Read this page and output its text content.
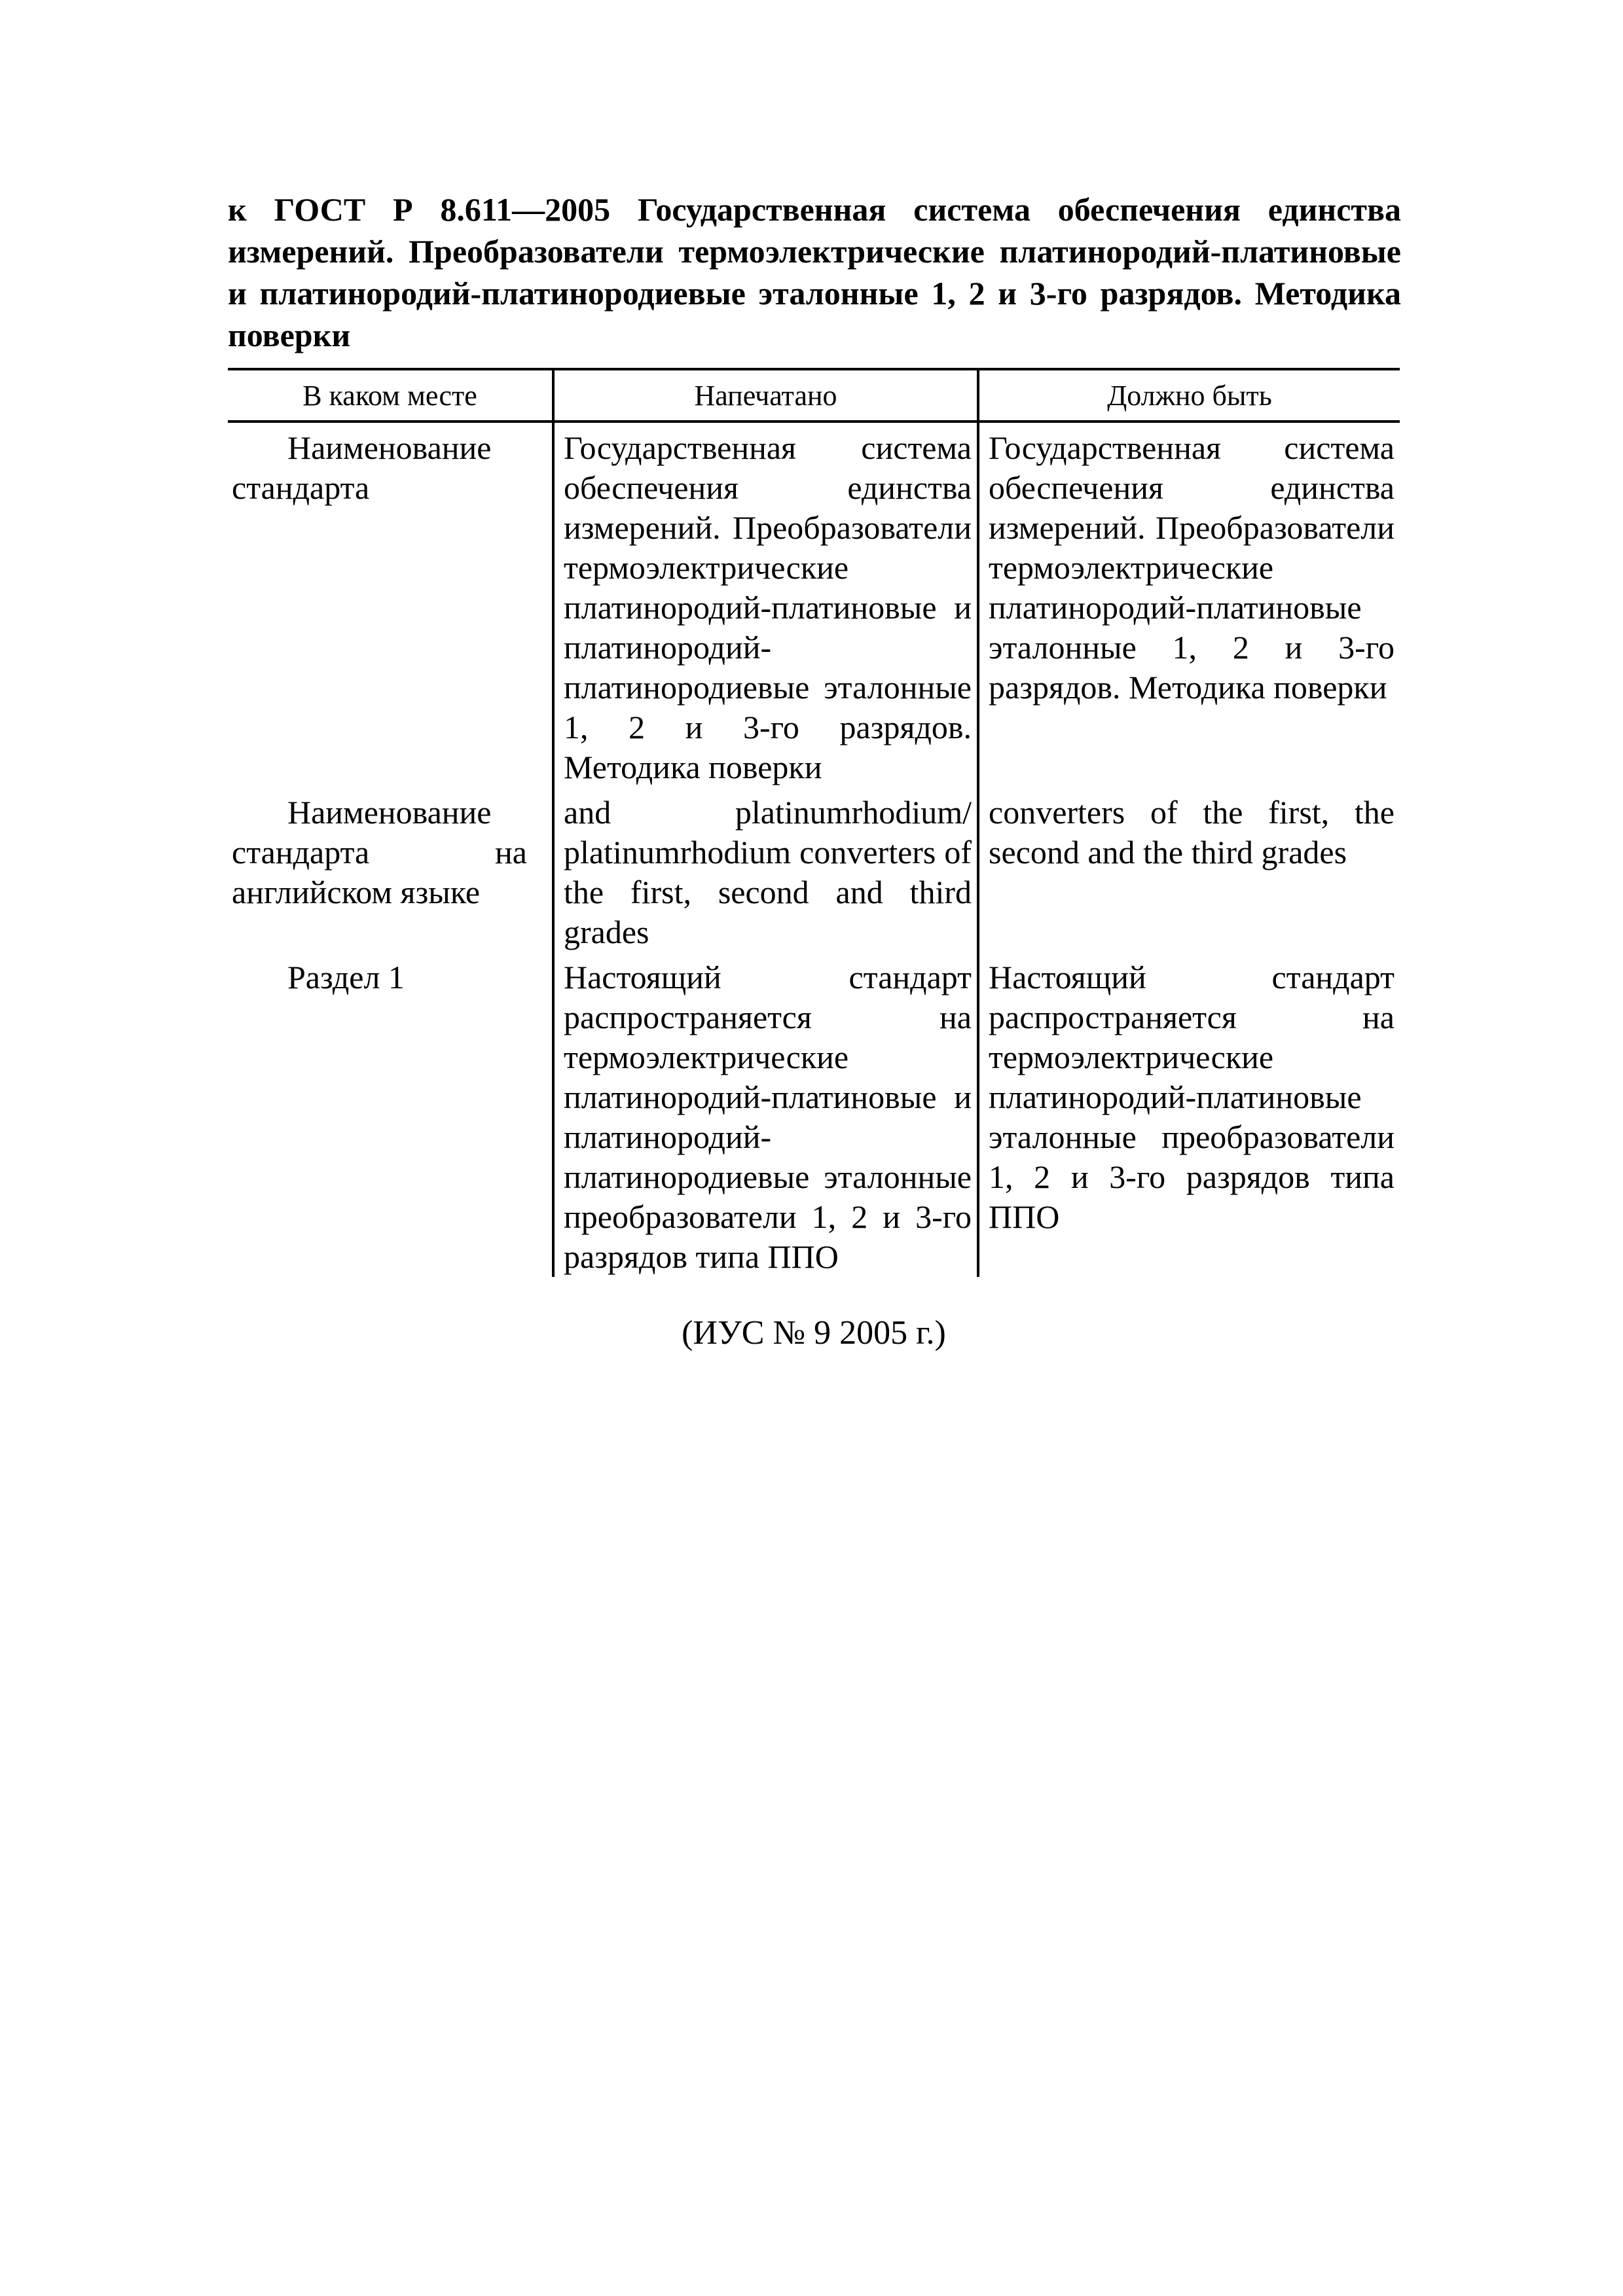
к ГОСТ Р 8.611—2005 Государственная система обеспечения единства измерений. Преобразователи термоэлектрические платинородий-платиновые и платинородий-платинородиевые эталонные 1, 2 и 3-го разрядов. Методика поверки
В каком месте	Напечатано	Должно быть

Наименование стандарта	Государственная система обеспечения единства измерений. Преобразователи термоэлектрические платинородий-платиновые и платинородий-платинородиевые эталонные 1, 2 и 3-го разрядов. Методика поверки	Государственная система обеспечения единства измерений. Преобразователи термоэлектрические платинородий-платиновые эталонные 1, 2 и 3-го разрядов. Методика поверки

Наименование стандарта на английском языке	and platinumrhodium/ platinumrhodium converters of the first, second and third grades	converters of the first, the second and the third grades

Раздел 1	Настоящий стандарт распространяется на термоэлектрические платинородий-платиновые и платинородий-платинородиевые эталонные преобразователи 1, 2 и 3-го разрядов типа ППО	Настоящий стандарт распространяется на термоэлектрические платинородий-платиновые эталонные преобразователи 1, 2 и 3-го разрядов типа ППО
(ИУС № 9 2005 г.)
